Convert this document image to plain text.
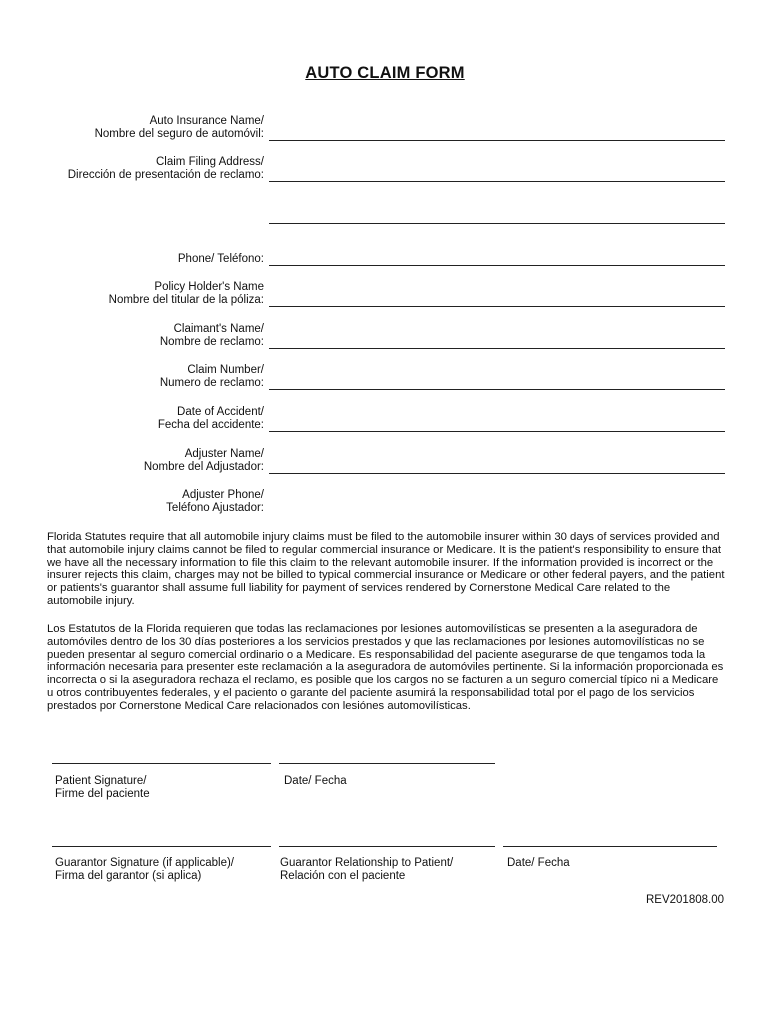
AUTO CLAIM FORM
Auto Insurance Name/
Nombre del seguro de automóvil:
Claim Filing Address/
Dirección de presentación de reclamo:
Phone/ Teléfono:
Policy Holder's Name
Nombre del titular de la póliza:
Claimant's Name/
Nombre de reclamo:
Claim Number/
Numero de reclamo:
Date of Accident/
Fecha del accidente:
Adjuster Name/
Nombre del Adjustador:
Adjuster Phone/
Teléfono Ajustador:

Florida Statutes require that all automobile injury claims must be filed to the automobile insurer within 30 days of services provided and that automobile injury claims cannot be filed to regular commercial insurance or Medicare. It is the patient's responsibility to ensure that we have all the necessary information to file this claim to the relevant automobile insurer. If the information provided is incorrect or the insurer rejects this claim, charges may not be billed to typical commercial insurance or Medicare or other federal payers, and the patient or patients's guarantor shall assume full liability for payment of services rendered by Cornerstone Medical Care related to the automobile injury.

Los Estatutos de la Florida requieren que todas las reclamaciones por lesiones automovilísticas se presenten a la aseguradora de automóviles dentro de los 30 días posteriores a los servicios prestados y que las reclamaciones por lesiones automovilísticas no se pueden presentar al seguro comercial ordinario o a Medicare. Es responsabilidad del paciente asegurarse de que tengamos toda la información necesaria para presenter este reclamación a la aseguradora de automóviles pertinente. Si la información proporcionada es incorrecta o si la aseguradora rechaza el reclamo, es posible que los cargos no se facturen a un seguro comercial típico ni a Medicare u otros contribuyentes federales, y el paciento o garante del paciente asumirá la responsabilidad total por el pago de los servicios prestados por Cornerstone Medical Care relacionados con lesiónes automovilísticas.

Patient Signature/
Firme del paciente
Date/ Fecha
Guarantor Signature (if applicable)/
Firma del garantor (si aplica)
Guarantor Relationship to Patient/
Relación con el paciente
Date/ Fecha
REV201808.00
